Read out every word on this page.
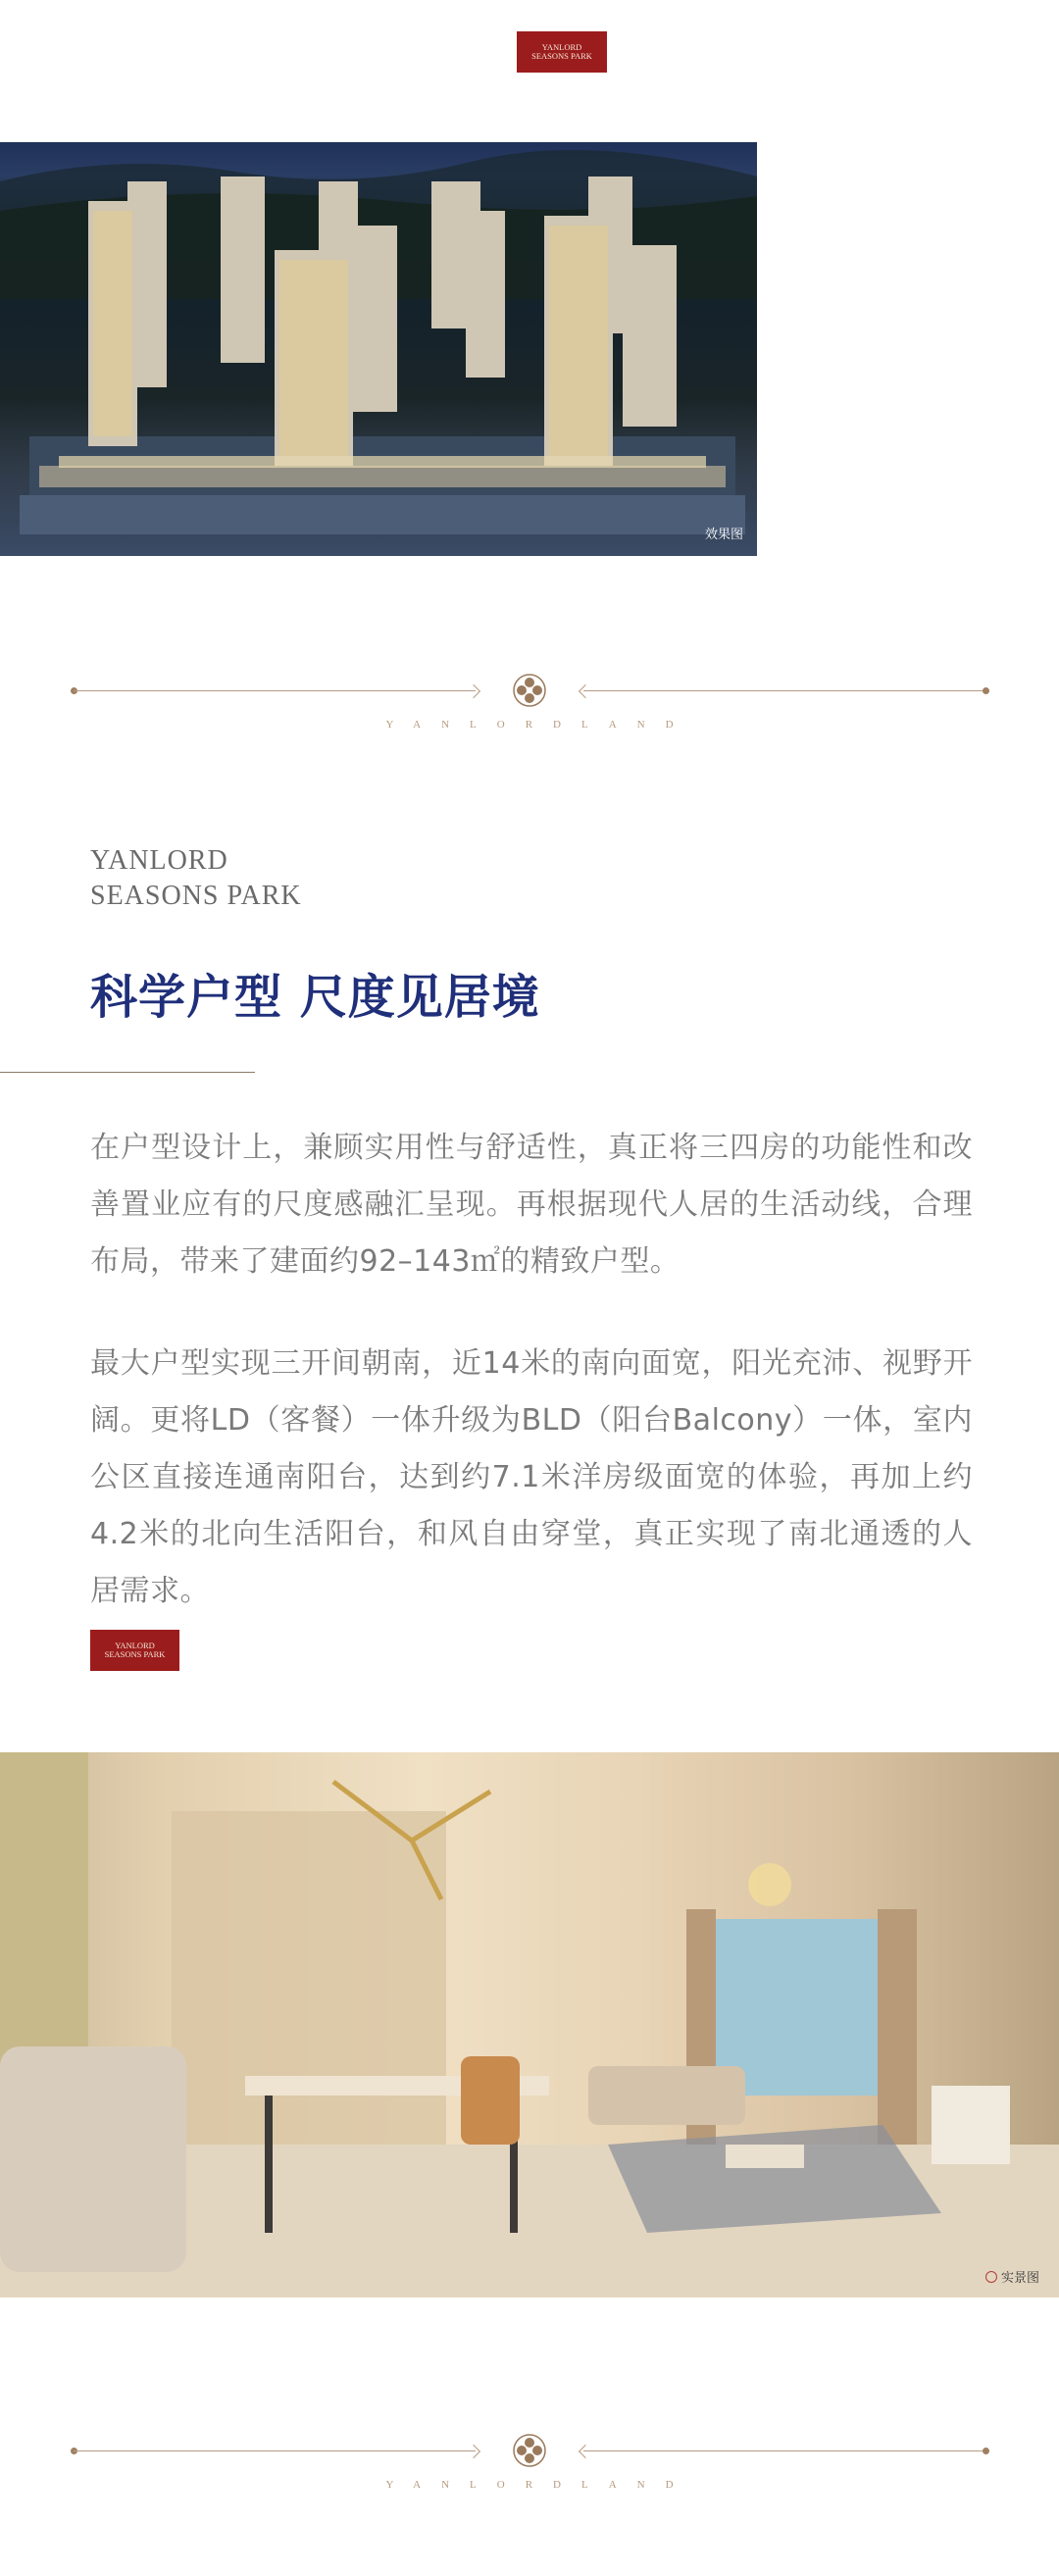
YANLORD
SEASONS PARK
效果图
YANLORDLAND
YANLORD
SEASONS PARK
科学户型 尺度见居境

在户型设计上，兼顾实用性与舒适性，真正将三四房的功能性和改善置业应有的尺度感融汇呈现。再根据现代人居的生活动线，合理布局，带来了建面约92–143㎡的精致户型。

最大户型实现三开间朝南，近14米的南向面宽，阳光充沛、视野开阔。更将LD（客餐）一体升级为BLD（阳台Balcony）一体，室内公区直接连通南阳台，达到约7.1米洋房级面宽的体验，再加上约4.2米的北向生活阳台，和风自由穿堂，真正实现了南北通透的人居需求。

YANLORD
SEASONS PARK
实景图
YANLORDLAND
